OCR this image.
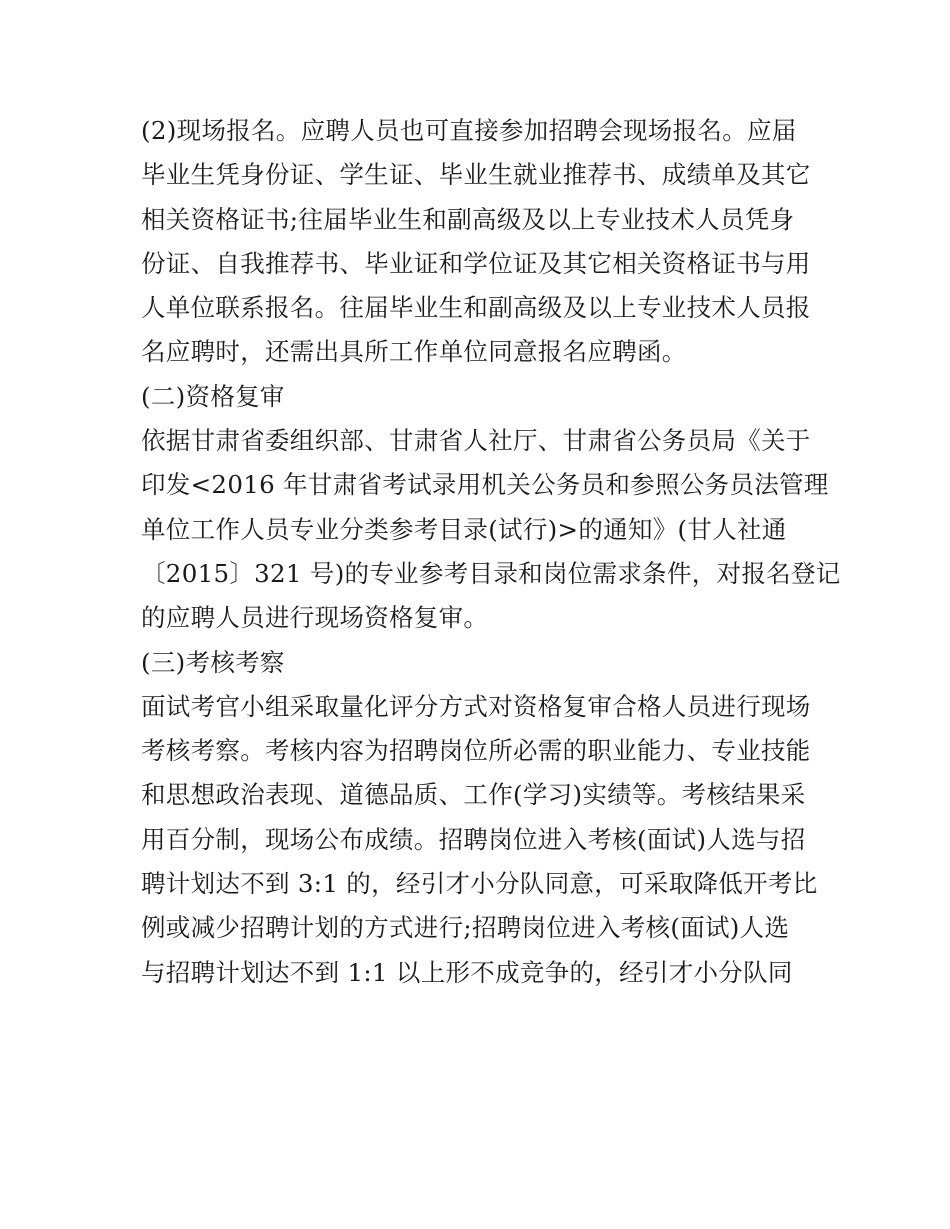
(2)现场报名。应聘人员也可直接参加招聘会现场报名。应届
毕业生凭身份证、学生证、毕业生就业推荐书、成绩单及其它
相关资格证书;往届毕业生和副高级及以上专业技术人员凭身
份证、自我推荐书、毕业证和学位证及其它相关资格证书与用
人单位联系报名。往届毕业生和副高级及以上专业技术人员报
名应聘时，还需出具所工作单位同意报名应聘函。
(二)资格复审
依据甘肃省委组织部、甘肃省人社厅、甘肃省公务员局《关于
印发<2016 年甘肃省考试录用机关公务员和参照公务员法管理
单位工作人员专业分类参考目录(试行)>的通知》(甘人社通
〔2015〕321 号)的专业参考目录和岗位需求条件，对报名登记
的应聘人员进行现场资格复审。
(三)考核考察
面试考官小组采取量化评分方式对资格复审合格人员进行现场
考核考察。考核内容为招聘岗位所必需的职业能力、专业技能
和思想政治表现、道德品质、工作(学习)实绩等。考核结果采
用百分制，现场公布成绩。招聘岗位进入考核(面试)人选与招
聘计划达不到 3:1 的，经引才小分队同意，可采取降低开考比
例或减少招聘计划的方式进行;招聘岗位进入考核(面试)人选
与招聘计划达不到 1:1 以上形不成竞争的，经引才小分队同
